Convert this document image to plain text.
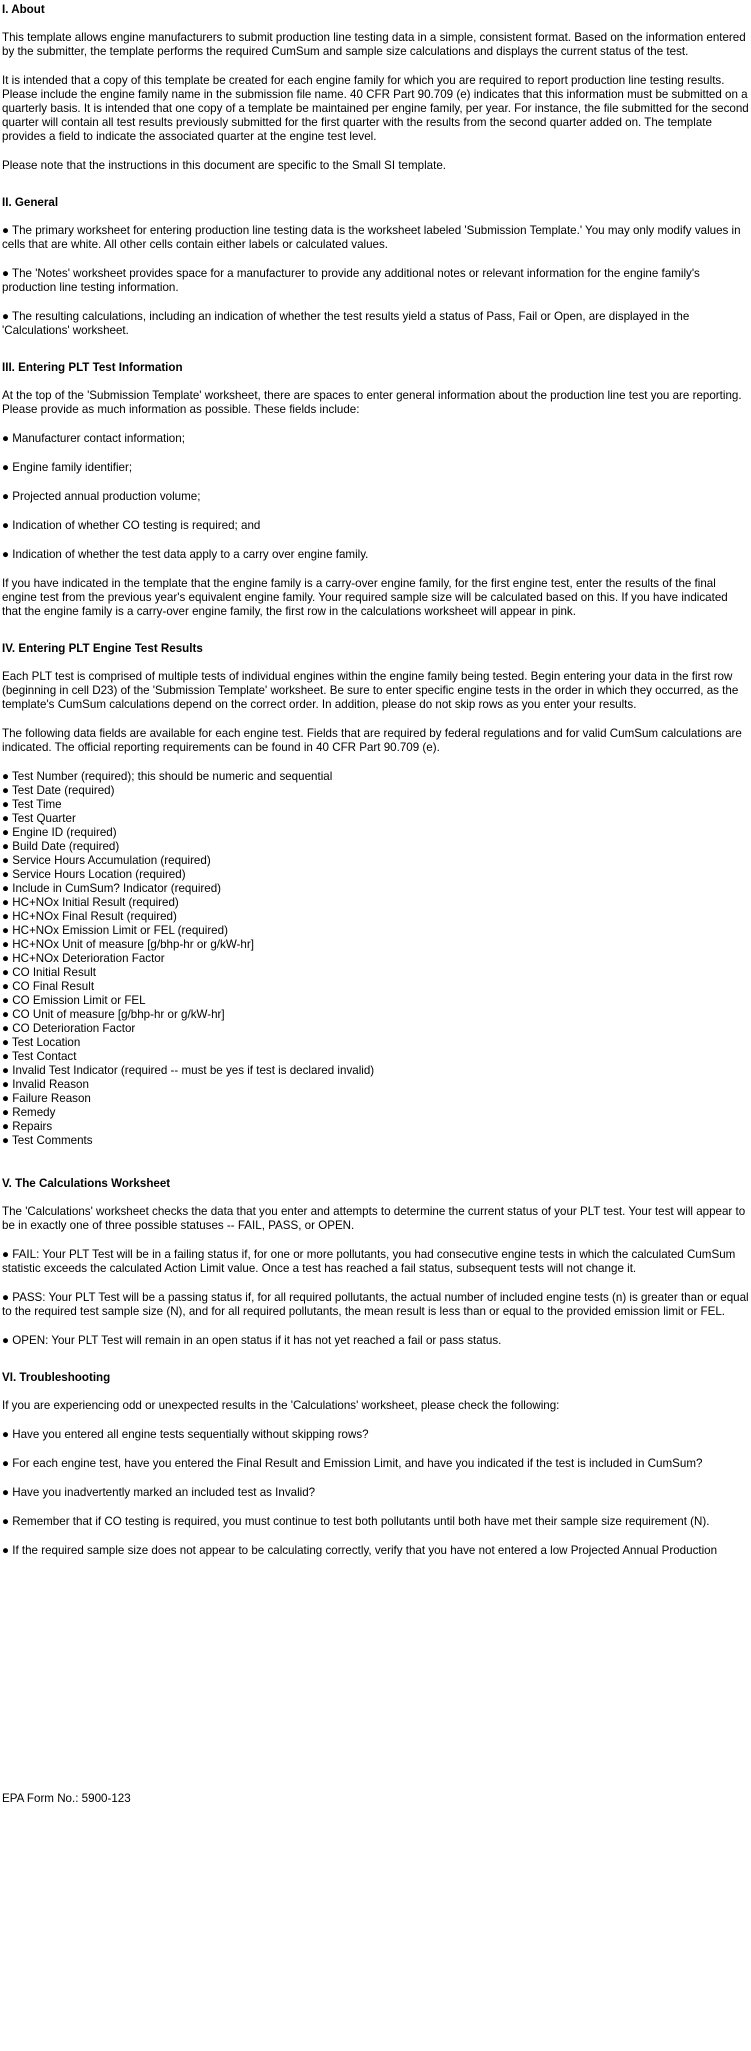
I. About
This template allows engine manufacturers to submit production line testing data in a simple, consistent format. Based on the information entered by the submitter, the template performs the required CumSum and sample size calculations and displays the current status of the test.
It is intended that a copy of this template be created for each engine family for which you are required to report production line testing results. Please include the engine family name in the submission file name. 40 CFR Part 90.709 (e) indicates that this information must be submitted on a quarterly basis. It is intended that one copy of a template be maintained per engine family, per year. For instance, the file submitted for the second quarter will contain all test results previously submitted for the first quarter with the results from the second quarter added on. The template provides a field to indicate the associated quarter at the engine test level.
Please note that the instructions in this document are specific to the Small SI template.
II. General
● The primary worksheet for entering production line testing data is the worksheet labeled 'Submission Template.' You may only modify values in cells that are white. All other cells contain either labels or calculated values.
● The 'Notes' worksheet provides space for a manufacturer to provide any additional notes or relevant information for the engine family's production line testing information.
● The resulting calculations, including an indication of whether the test results yield a status of Pass, Fail or Open, are displayed in the 'Calculations' worksheet.
III. Entering PLT Test Information
At the top of the 'Submission Template' worksheet, there are spaces to enter general information about the production line test you are reporting. Please provide as much information as possible. These fields include:
● Manufacturer contact information;
● Engine family identifier;
● Projected annual production volume;
● Indication of whether CO testing is required; and
● Indication of whether the test data apply to a carry over engine family.
If you have indicated in the template that the engine family is a carry-over engine family, for the first engine test, enter the results of the final engine test from the previous year's equivalent engine family. Your required sample size will be calculated based on this. If you have indicated that the engine family is a carry-over engine family, the first row in the calculations worksheet will appear in pink.
IV. Entering PLT Engine Test Results
Each PLT test is comprised of multiple tests of individual engines within the engine family being tested. Begin entering your data in the first row (beginning in cell D23) of the 'Submission Template' worksheet. Be sure to enter specific engine tests in the order in which they occurred, as the template's CumSum calculations depend on the correct order. In addition, please do not skip rows as you enter your results.
The following data fields are available for each engine test. Fields that are required by federal regulations and for valid CumSum calculations are indicated. The official reporting requirements can be found in 40 CFR Part 90.709 (e).
● Test Number (required); this should be numeric and sequential
● Test Date (required)
● Test Time
● Test Quarter
● Engine ID (required)
● Build Date (required)
● Service Hours Accumulation (required)
● Service Hours Location (required)
● Include in CumSum? Indicator (required)
● HC+NOx Initial Result (required)
● HC+NOx Final Result (required)
● HC+NOx Emission Limit or FEL (required)
● HC+NOx Unit of measure [g/bhp-hr or g/kW-hr]
● HC+NOx Deterioration Factor
● CO Initial Result
● CO Final Result
● CO Emission Limit or FEL
● CO Unit of measure [g/bhp-hr or g/kW-hr]
● CO Deterioration Factor
● Test Location
● Test Contact
● Invalid Test Indicator (required -- must be yes if test is declared invalid)
● Invalid Reason
● Failure Reason
● Remedy
● Repairs
● Test Comments
V. The Calculations Worksheet
The 'Calculations' worksheet checks the data that you enter and attempts to determine the current status of your PLT test. Your test will appear to be in exactly one of three possible statuses -- FAIL, PASS, or OPEN.
● FAIL: Your PLT Test will be in a failing status if, for one or more pollutants, you had consecutive engine tests in which the calculated CumSum statistic exceeds the calculated Action Limit value. Once a test has reached a fail status, subsequent tests will not change it.
● PASS: Your PLT Test will be a passing status if, for all required pollutants, the actual number of included engine tests (n) is greater than or equal to the required test sample size (N), and for all required pollutants, the mean result is less than or equal to the provided emission limit or FEL.
● OPEN: Your PLT Test will remain in an open status if it has not yet reached a fail or pass status.
VI. Troubleshooting
If you are experiencing odd or unexpected results in the 'Calculations' worksheet, please check the following:
● Have you entered all engine tests sequentially without skipping rows?
● For each engine test, have you entered the Final Result and Emission Limit, and have you indicated if the test is included in CumSum?
● Have you inadvertently marked an included test as Invalid?
● Remember that if CO testing is required, you must continue to test both pollutants until both have met their sample size requirement (N).
● If the required sample size does not appear to be calculating correctly, verify that you have not entered a low Projected Annual Production
EPA Form No.: 5900-123
